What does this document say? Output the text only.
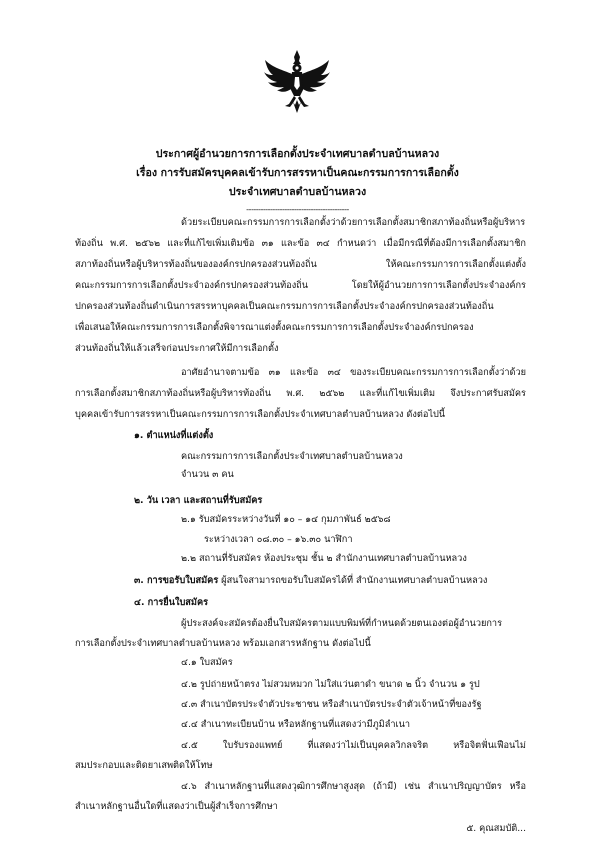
ประกาศผู้อำนวยการการเลือกตั้งประจำเทศบาลตำบลบ้านหลวง
เรื่อง การรับสมัครบุคคลเข้ารับการสรรหาเป็นคณะกรรมการการเลือกตั้ง
ประจำเทศบาลตำบลบ้านหลวง
-------------------------------------------
ด้วยระเบียบคณะกรรมการการเลือกตั้งว่าด้วยการเลือกตั้งสมาชิกสภาท้องถิ่นหรือผู้บริหาร
ท้องถิ่น พ.ศ. ๒๕๖๒ และที่แก้ไขเพิ่มเติมข้อ ๓๑ และข้อ ๓๔ กำหนดว่า เมื่อมีกรณีที่ต้องมีการเลือกตั้งสมาชิก
สภาท้องถิ่นหรือผู้บริหารท้องถิ่นขององค์กรปกครองส่วนท้องถิ่น ให้คณะกรรมการการเลือกตั้งแต่งตั้ง
คณะกรรมการการเลือกตั้งประจำองค์กรปกครองส่วนท้องถิ่น โดยให้ผู้อำนวยการการเลือกตั้งประจำองค์กร
ปกครองส่วนท้องถิ่นดำเนินการสรรหาบุคคลเป็นคณะกรรมการการเลือกตั้งประจำองค์กรปกครองส่วนท้องถิ่น
เพื่อเสนอให้คณะกรรมการการเลือกตั้งพิจารณาแต่งตั้งคณะกรรมการการเลือกตั้งประจำองค์กรปกครอง
ส่วนท้องถิ่นให้แล้วเสร็จก่อนประกาศให้มีการเลือกตั้ง
อาศัยอำนาจตามข้อ ๓๑ และข้อ ๓๔ ของระเบียบคณะกรรมการการเลือกตั้งว่าด้วย
การเลือกตั้งสมาชิกสภาท้องถิ่นหรือผู้บริหารท้องถิ่น พ.ศ. ๒๕๖๒ และที่แก้ไขเพิ่มเติม จึงประกาศรับสมัคร
บุคคลเข้ารับการสรรหาเป็นคณะกรรมการการเลือกตั้งประจำเทศบาลตำบลบ้านหลวง ดังต่อไปนี้
๑. ตำแหน่งที่แต่งตั้ง
คณะกรรมการการเลือกตั้งประจำเทศบาลตำบลบ้านหลวง
จำนวน ๓ คน
๒. วัน เวลา และสถานที่รับสมัคร
๒.๑ รับสมัครระหว่างวันที่ ๑๐ – ๑๔ กุมภาพันธ์ ๒๕๖๘
ระหว่างเวลา ๐๘.๓๐ – ๑๖.๓๐ นาฬิกา
๒.๒ สถานที่รับสมัคร ห้องประชุม ชั้น ๒ สำนักงานเทศบาลตำบลบ้านหลวง
๓. การขอรับใบสมัคร ผู้สนใจสามารถขอรับใบสมัครได้ที่ สำนักงานเทศบาลตำบลบ้านหลวง
๔. การยื่นใบสมัคร
ผู้ประสงค์จะสมัครต้องยื่นใบสมัครตามแบบพิมพ์ที่กำหนดด้วยตนเองต่อผู้อำนวยการ
การเลือกตั้งประจำเทศบาลตำบลบ้านหลวง พร้อมเอกสารหลักฐาน ดังต่อไปนี้
๔.๑ ใบสมัคร
๔.๒ รูปถ่ายหน้าตรง ไม่สวมหมวก ไม่ใส่แว่นตาดำ ขนาด ๒ นิ้ว จำนวน ๑ รูป
๔.๓ สำเนาบัตรประจำตัวประชาชน หรือสำเนาบัตรประจำตัวเจ้าหน้าที่ของรัฐ
๔.๔ สำเนาทะเบียนบ้าน หรือหลักฐานที่แสดงว่ามีภูมิลำเนา
๔.๕ ใบรับรองแพทย์ ที่แสดงว่าไม่เป็นบุคคลวิกลจริต หรือจิตฟั่นเฟือนไม่
สมประกอบและติดยาเสพติดให้โทษ
๔.๖ สำเนาหลักฐานที่แสดงวุฒิการศึกษาสูงสุด (ถ้ามี) เช่น สำเนาปริญญาบัตร หรือ
สำเนาหลักฐานอื่นใดที่แสดงว่าเป็นผู้สำเร็จการศึกษา
๕. คุณสมบัติ...
